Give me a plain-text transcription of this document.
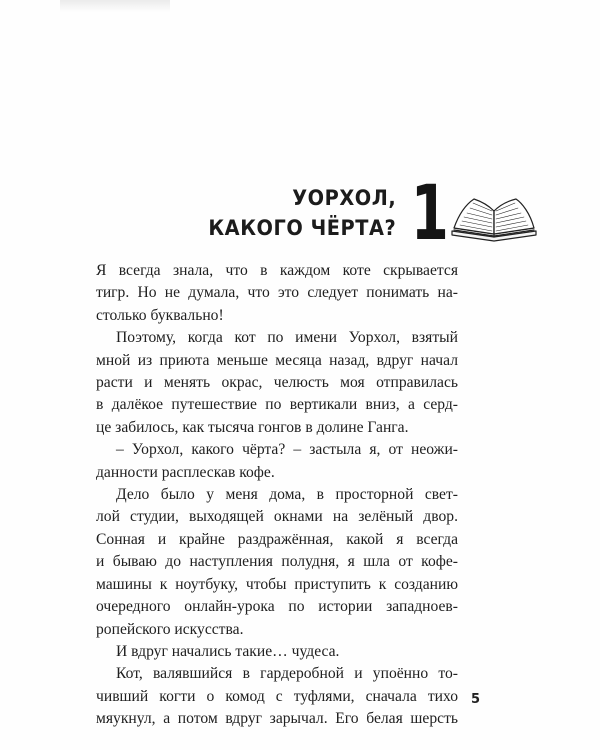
УОРХОЛ,
КАКОГО ЧЁРТА? 1
Я всегда знала, что в каждом коте скрывается
тигр. Но не думала, что это следует понимать на-
столько буквально!
Поэтому, когда кот по имени Уорхол, взятый
мной из приюта меньше месяца назад, вдруг начал
расти и менять окрас, челюсть моя отправилась
в далёкое путешествие по вертикали вниз, а серд-
це забилось, как тысяча гонгов в долине Ганга.
– Уорхол, какого чёрта? – застыла я, от неожи-
данности расплескав кофе.
Дело было у меня дома, в просторной свет-
лой студии, выходящей окнами на зелёный двор.
Сонная и крайне раздражённая, какой я всегда
и бываю до наступления полудня, я шла от кофе-
машины к ноутбуку, чтобы приступить к созданию
очередного онлайн-урока по истории западноев-
ропейского искусства.
И вдруг начались такие… чудеса.
Кот, валявшийся в гардеробной и упоённо то-
чивший когти о комод с туфлями, сначала тихо
мяукнул, а потом вдруг зарычал. Его белая шерсть
5
